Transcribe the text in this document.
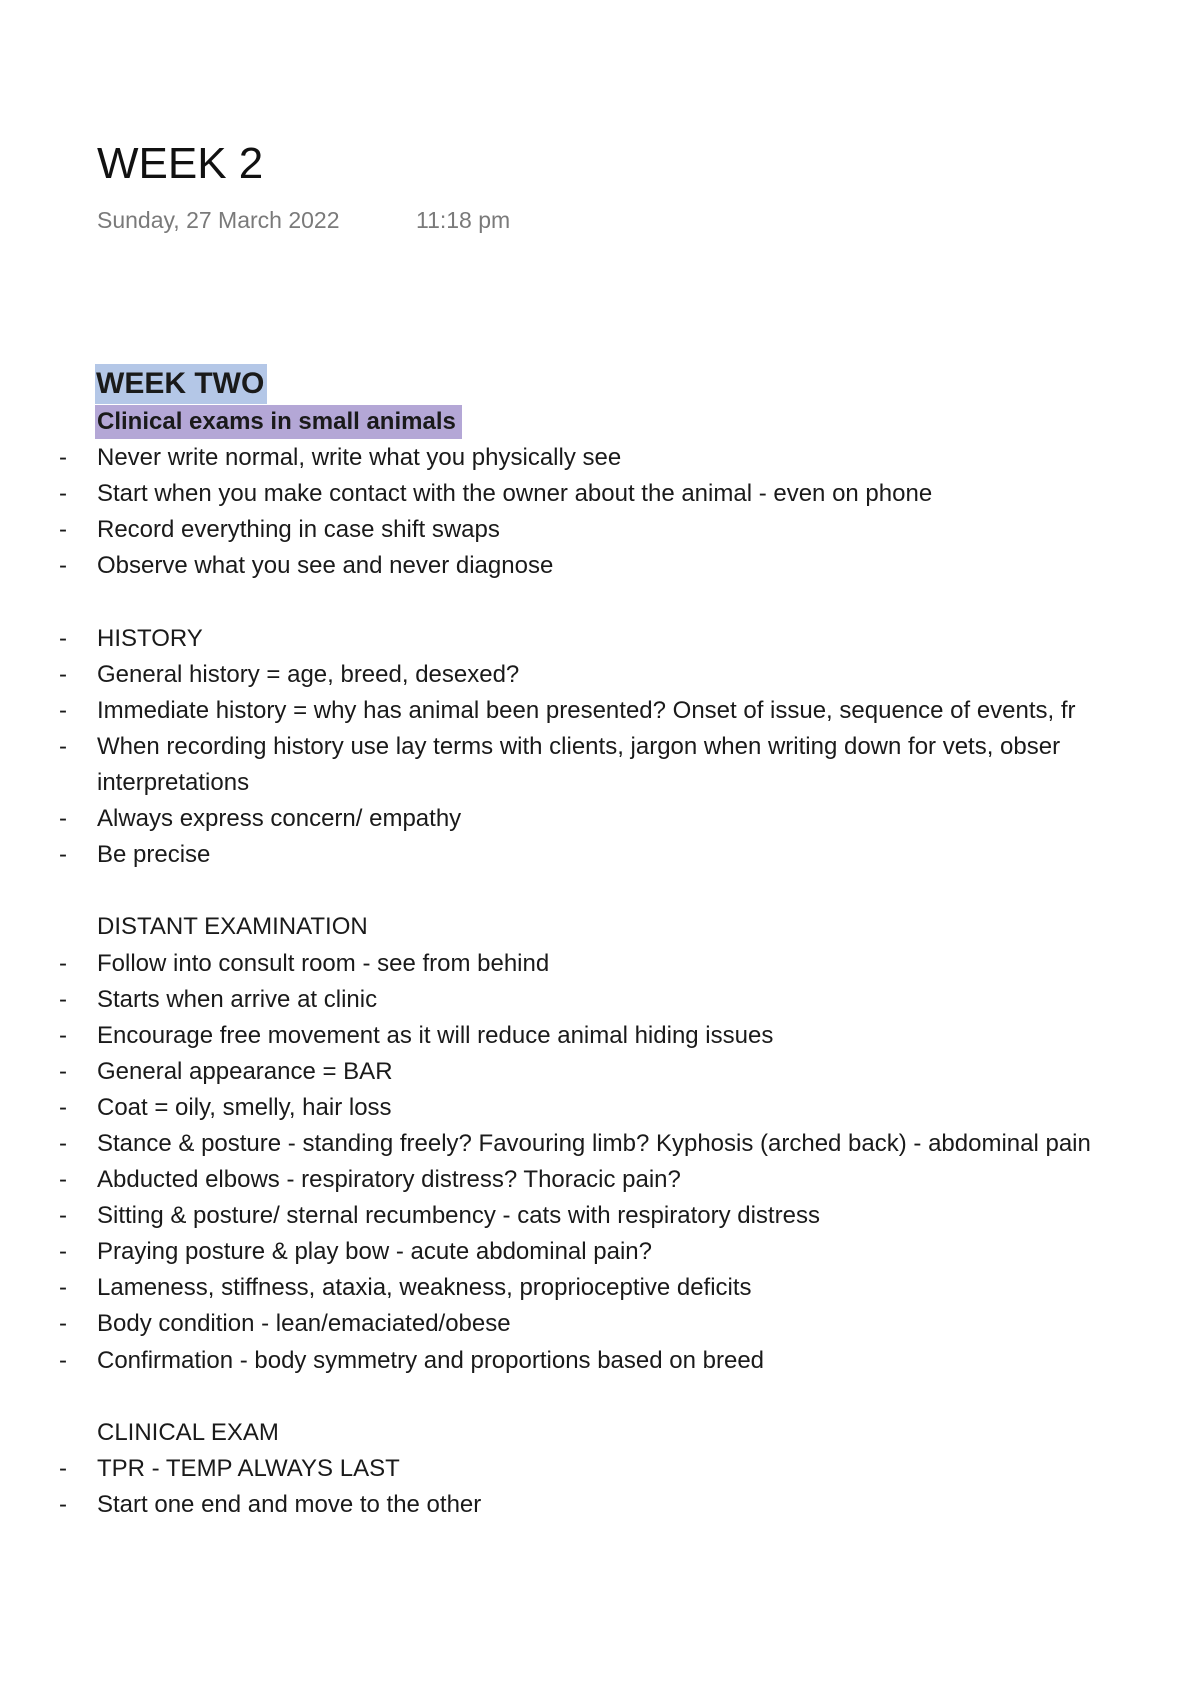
WEEK 2
Sunday, 27 March 2022	11:18 pm
WEEK TWO
Clinical exams in small animals
- Never write normal, write what you physically see
- Start when you make contact with the owner about the animal - even on phone
- Record everything in case shift swaps
- Observe what you see and never diagnose
- HISTORY
- General history = age, breed, desexed?
- Immediate history = why has animal been presented? Onset of issue, sequence of events, fr
- When recording history use lay terms with clients, jargon when writing down for vets, obser
interpretations
- Always express concern/ empathy
- Be precise
DISTANT EXAMINATION
- Follow into consult room - see from behind
- Starts when arrive at clinic
- Encourage free movement as it will reduce animal hiding issues
- General appearance = BAR
- Coat = oily, smelly, hair loss
- Stance & posture - standing freely? Favouring limb? Kyphosis (arched back) - abdominal pain
- Abducted elbows - respiratory distress? Thoracic pain?
- Sitting & posture/ sternal recumbency - cats with respiratory distress
- Praying posture & play bow - acute abdominal pain?
- Lameness, stiffness, ataxia, weakness, proprioceptive deficits
- Body condition - lean/emaciated/obese
- Confirmation - body symmetry and proportions based on breed
CLINICAL EXAM
- TPR - TEMP ALWAYS LAST
- Start one end and move to the other
